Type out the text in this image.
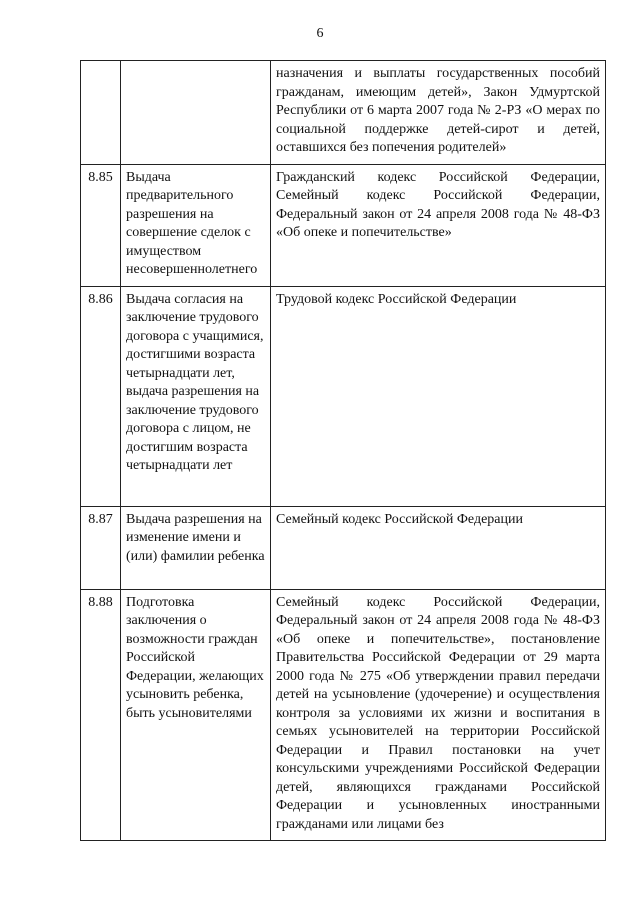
6
		назначения и выплаты государственных пособий гражданам, имеющим детей», Закон Удмуртской Республики от 6 марта 2007 года № 2-РЗ «О мерах по социальной поддержке детей-сирот и детей, оставшихся без попечения родителей»
8.85	Выдача предварительного разрешения на совершение сделок с имуществом несовершеннолетнего	Гражданский кодекс Российской Федерации, Семейный кодекс Российской Федерации, Федеральный закон от 24 апреля 2008 года № 48-ФЗ «Об опеке и попечительстве»
8.86	Выдача согласия на заключение трудового договора с учащимися, достигшими возраста четырнадцати лет, выдача разрешения на заключение трудового договора с лицом, не достигшим возраста четырнадцати лет	Трудовой кодекс Российской Федерации
8.87	Выдача разрешения на изменение имени и (или) фамилии ребенка	Семейный кодекс Российской Федерации
8.88	Подготовка заключения о возможности граждан Российской Федерации, желающих усыновить ребенка, быть усыновителями	Семейный кодекс Российской Федерации, Федеральный закон от 24 апреля 2008 года № 48-ФЗ «Об опеке и попечительстве», постановление Правительства Российской Федерации от 29 марта 2000 года № 275 «Об утверждении правил передачи детей на усыновление (удочерение) и осуществления контроля за условиями их жизни и воспитания в семьях усыновителей на территории Российской Федерации и Правил постановки на учет консульскими учреждениями Российской Федерации детей, являющихся гражданами Российской Федерации и усыновленных иностранными гражданами или лицами без
